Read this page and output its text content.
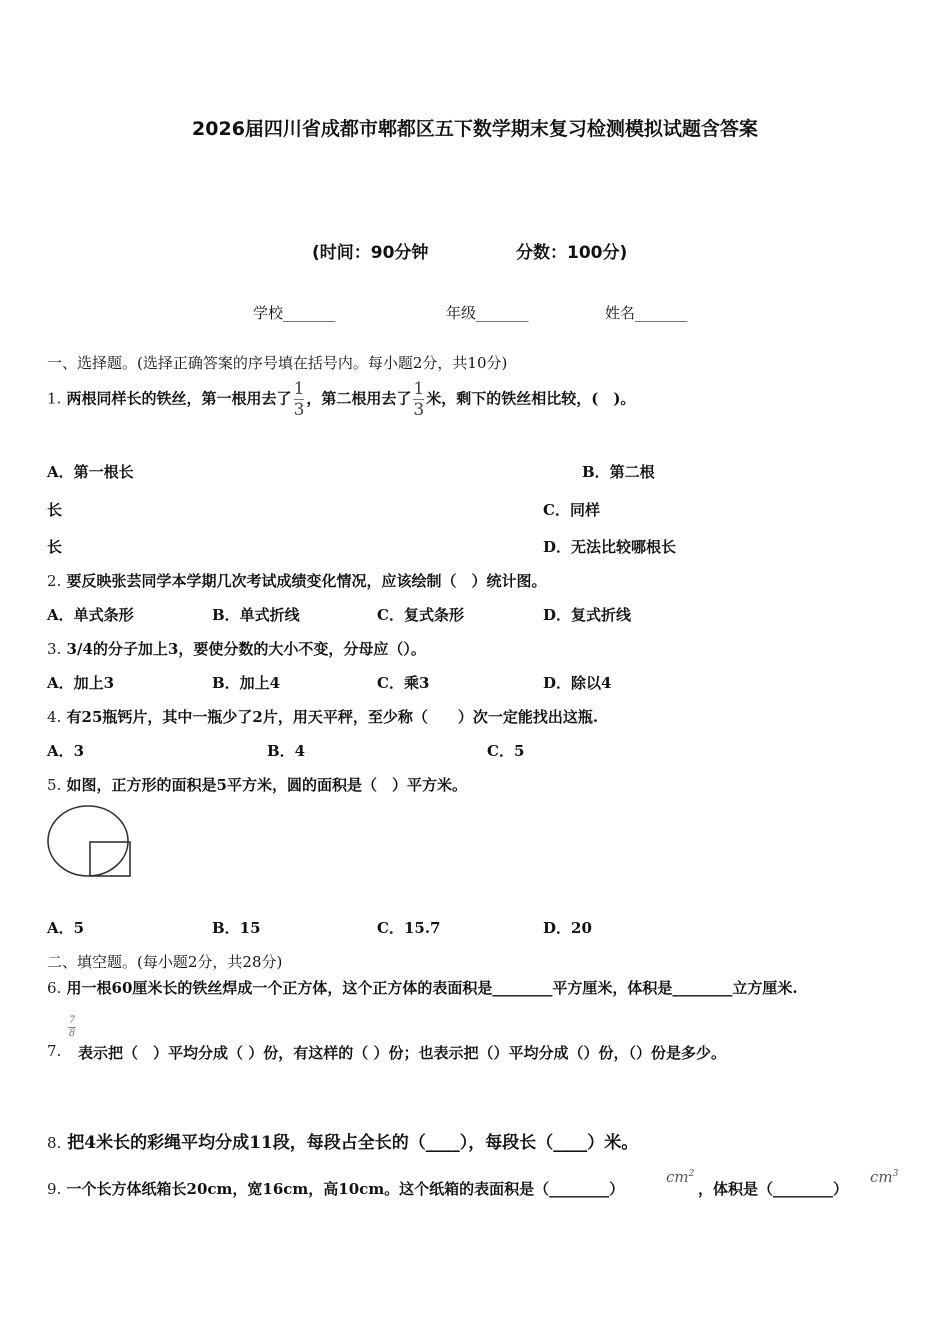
2026届四川省成都市郫都区五下数学期末复习检测模拟试题含答案
(时间：90分钟	分数：100分)
学校_______	年级_______	姓名_______
一、选择题。(选择正确答案的序号填在括号内。每小题2分，共10分)
1. 两根同样长的铁丝，第一根用去了 $\frac{1}{3}$ ，第二根用去了 $\frac{1}{3}$ 米，剩下的铁丝相比较，(　)。
A．第一根长	B．第二根
长	C．同样
长	D．无法比较哪根长
2. 要反映张芸同学本学期几次考试成绩变化情况，应该绘制（　）统计图。
A．单式条形	B．单式折线	C．复式条形	D．复式折线
3. 3/4的分子加上3，要使分数的大小不变，分母应（）。
A．加上3	B．加上4	C．乘3	D．除以4
4. 有25瓶钙片，其中一瓶少了2片，用天平秤，至少称（　　）次一定能找出这瓶.
A．3	B．4	C．5
5. 如图，正方形的面积是5平方米，圆的面积是（　）平方米。
A．5	B．15	C．15.7	D．20
二、填空题。(每小题2分，共28分)
6. 用一根60厘米长的铁丝焊成一个正方体，这个正方体的表面积是________平方厘米，体积是________立方厘米.
7.
7
8
表示把（　）平均分成（ ）份，有这样的（ ）份；也表示把（）平均分成（）份，（）份是多少。
8. 把4米长的彩绳平均分成11段，每段占全长的（____），每段长（____）米。
9. 一个长方体纸箱长20cm，宽16cm，高10cm。这个纸箱的表面积是（________）
$cm^2$
，体积是（________）
$cm^3$
